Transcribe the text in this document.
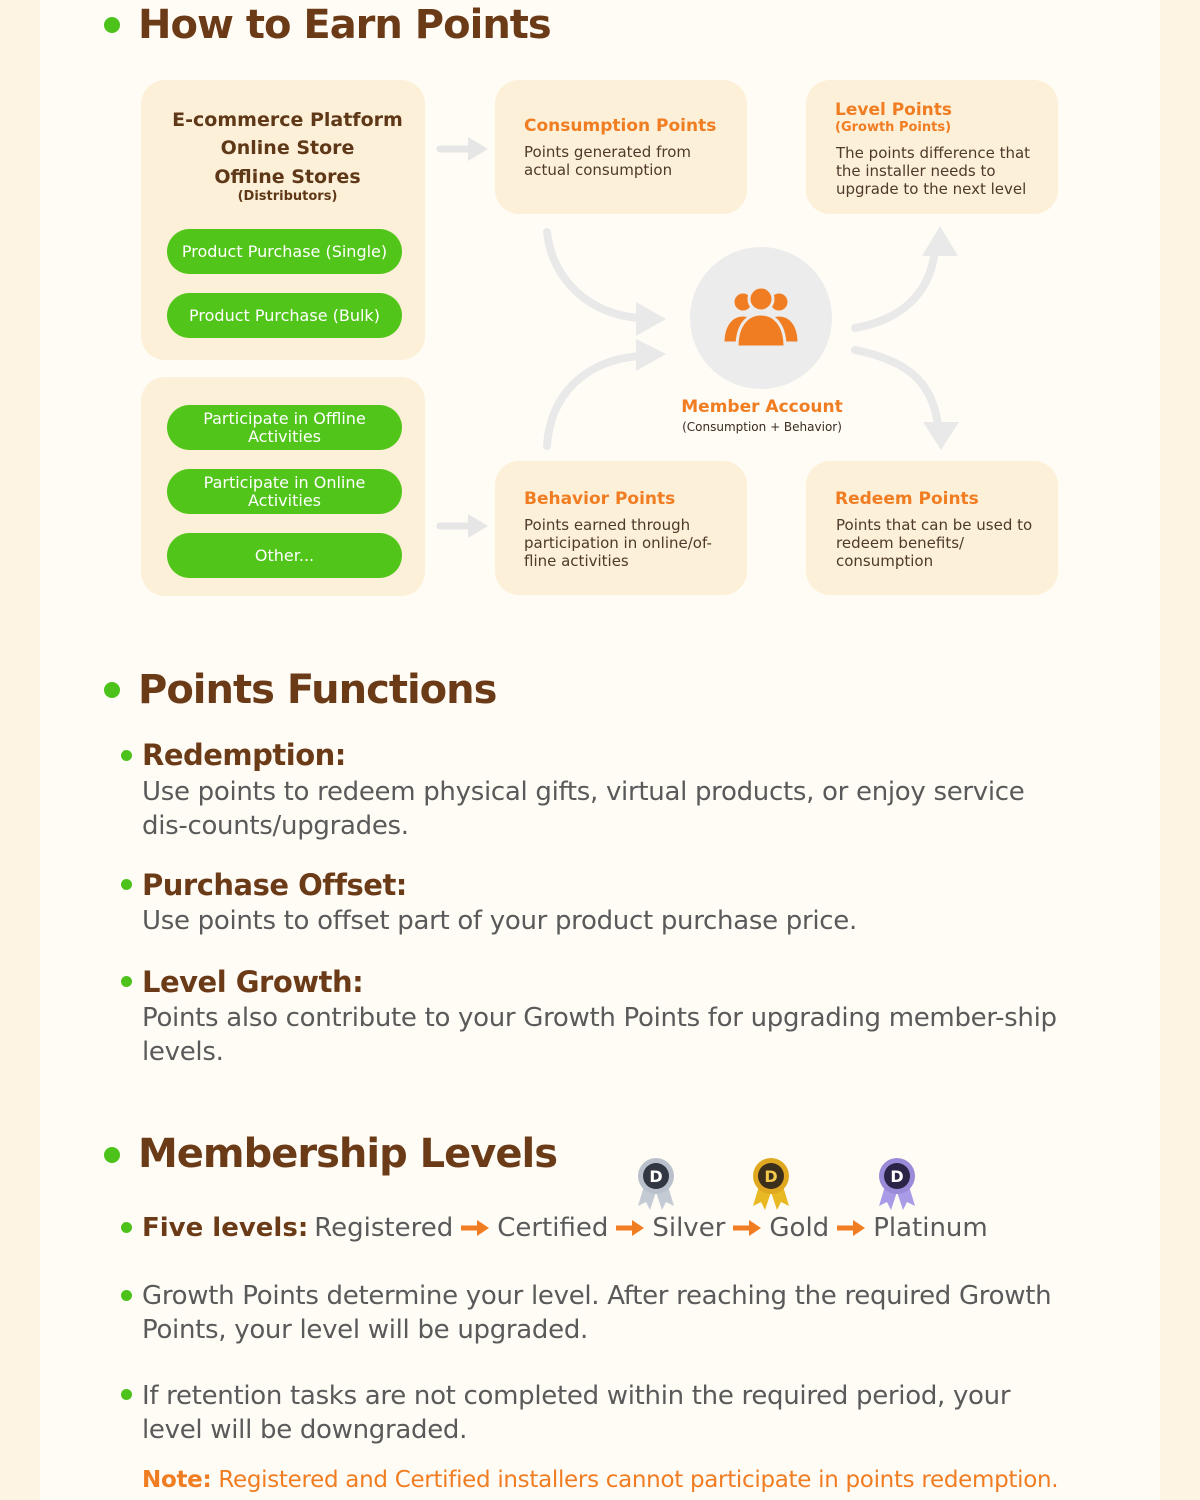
How to Earn Points
E-commerce Platform
Online Store
Offline Stores
(Distributors)
Product Purchase (Single)
Product Purchase (Bulk)
Participate in Offline Activities
Participate in Online Activities
Other...
Consumption Points
Points generated from actual consumption
Level Points
(Growth Points)
The points difference that the installer needs to upgrade to the next level
Behavior Points
Points earned through participation in online/of-fline activities
Redeem Points
Points that can be used to redeem benefits/ consumption
Member Account
(Consumption + Behavior)
Points Functions
Redemption:
Use points to redeem physical gifts, virtual products, or enjoy service dis-counts/upgrades.
Purchase Offset:
Use points to offset part of your product purchase price.
Level Growth:
Points also contribute to your Growth Points for upgrading member-ship levels.
Membership Levels	D	D	D
Five levels: Registered Certified Silver Gold Platinum
Growth Points determine your level. After reaching the required Growth Points, your level will be upgraded.
If retention tasks are not completed within the required period, your level will be downgraded.
Note: Registered and Certified installers cannot participate in points redemption.
